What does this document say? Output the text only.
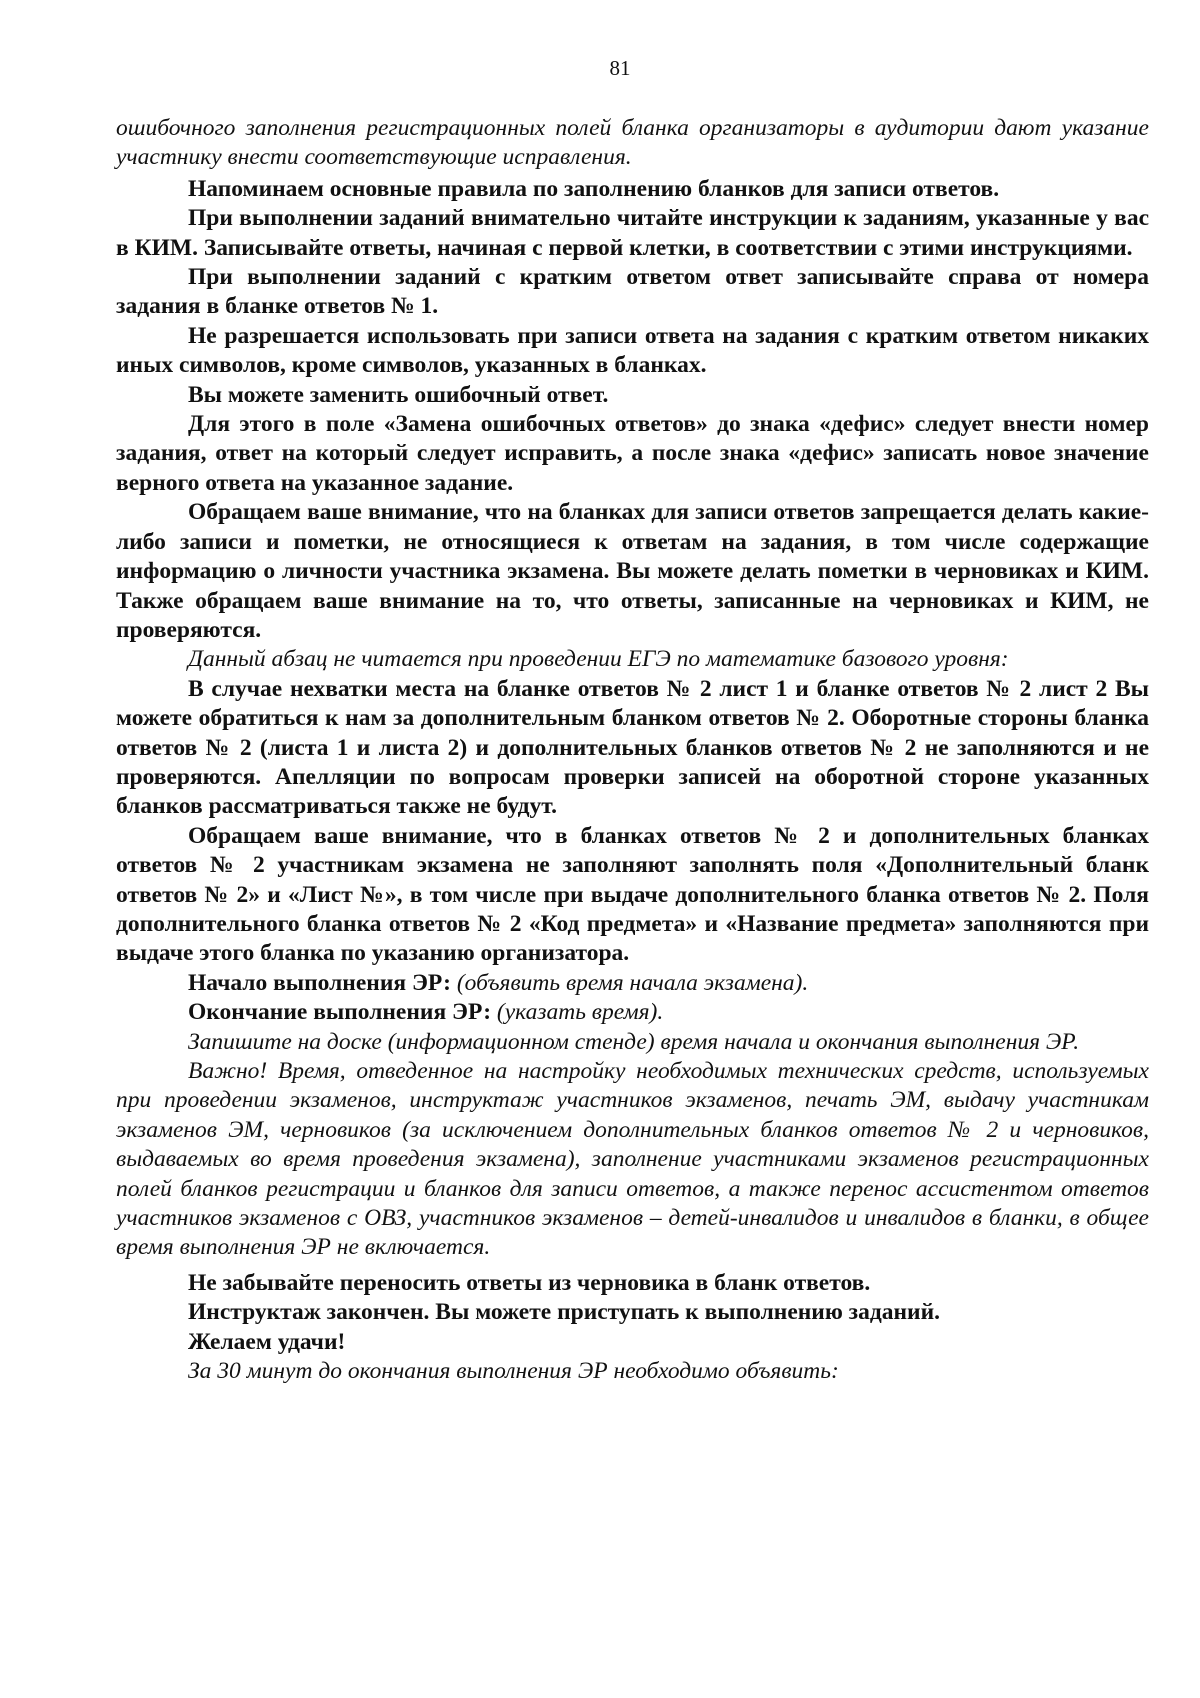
81

ошибочного заполнения регистрационных полей бланка организаторы в аудитории дают указание участнику внести соответствующие исправления.

Напоминаем основные правила по заполнению бланков для записи ответов.

При выполнении заданий внимательно читайте инструкции к заданиям, указанные у вас в КИМ. Записывайте ответы, начиная с первой клетки, в соответствии с этими инструкциями.

При выполнении заданий с кратким ответом ответ записывайте справа от номера задания в бланке ответов № 1.

Не разрешается использовать при записи ответа на задания с кратким ответом никаких иных символов, кроме символов, указанных в бланках.

Вы можете заменить ошибочный ответ.

Для этого в поле «Замена ошибочных ответов» до знака «дефис» следует внести номер задания, ответ на который следует исправить, а после знака «дефис» записать новое значение верного ответа на указанное задание.

Обращаем ваше внимание, что на бланках для записи ответов запрещается делать какие-либо записи и пометки, не относящиеся к ответам на задания, в том числе содержащие информацию о личности участника экзамена. Вы можете делать пометки в черновиках и КИМ. Также обращаем ваше внимание на то, что ответы, записанные на черновиках и КИМ, не проверяются.

Данный абзац не читается при проведении ЕГЭ по математике базового уровня:

В случае нехватки места на бланке ответов № 2 лист 1 и бланке ответов № 2 лист 2 Вы можете обратиться к нам за дополнительным бланком ответов № 2. Оборотные стороны бланка ответов № 2 (листа 1 и листа 2) и дополнительных бланков ответов № 2 не заполняются и не проверяются. Апелляции по вопросам проверки записей на оборотной стороне указанных бланков рассматриваться также не будут.

Обращаем ваше внимание, что в бланках ответов № 2 и дополнительных бланках ответов № 2 участникам экзамена не заполняют заполнять поля «Дополнительный бланк ответов № 2» и «Лист №», в том числе при выдаче дополнительного бланка ответов № 2. Поля дополнительного бланка ответов № 2 «Код предмета» и «Название предмета» заполняются при выдаче этого бланка по указанию организатора.

Начало выполнения ЭР: (объявить время начала экзамена).

Окончание выполнения ЭР: (указать время).

Запишите на доске (информационном стенде) время начала и окончания выполнения ЭР.

Важно! Время, отведенное на настройку необходимых технических средств, используемых при проведении экзаменов, инструктаж участников экзаменов, печать ЭМ, выдачу участникам экзаменов ЭМ, черновиков (за исключением дополнительных бланков ответов № 2 и черновиков, выдаваемых во время проведения экзамена), заполнение участниками экзаменов регистрационных полей бланков регистрации и бланков для записи ответов, а также перенос ассистентом ответов участников экзаменов с ОВЗ, участников экзаменов – детей-инвалидов и инвалидов в бланки, в общее время выполнения ЭР не включается.

Не забывайте переносить ответы из черновика в бланк ответов.

Инструктаж закончен. Вы можете приступать к выполнению заданий.

Желаем удачи!

За 30 минут до окончания выполнения ЭР необходимо объявить:
